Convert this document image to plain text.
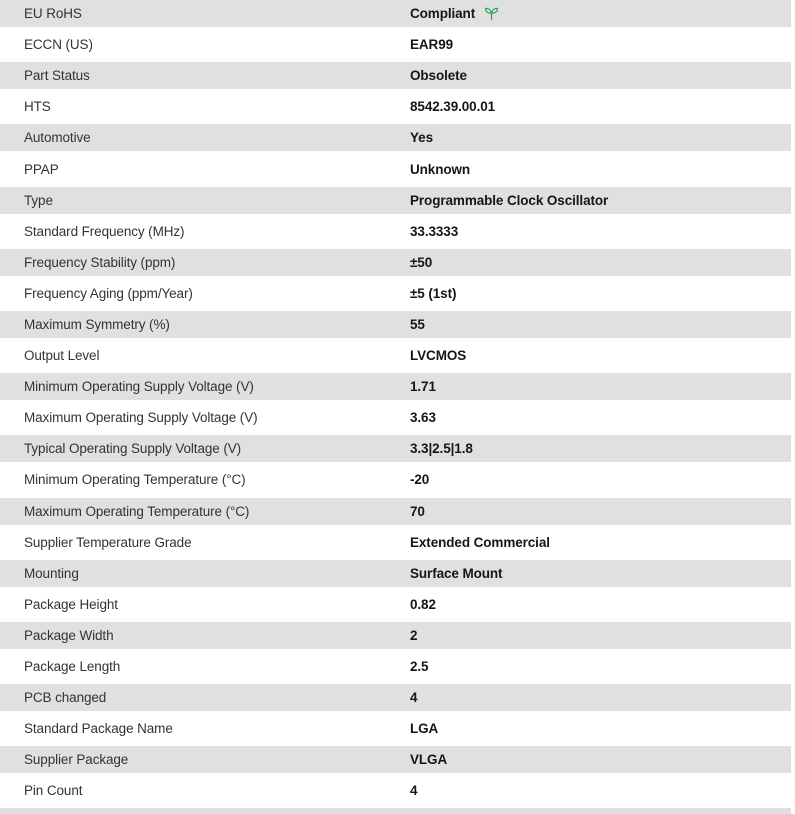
EU RoHS	Compliant
ECCN (US)	EAR99
Part Status	Obsolete
HTS	8542.39.00.01
Automotive	Yes
PPAP	Unknown
Type	Programmable Clock Oscillator
Standard Frequency (MHz)	33.3333
Frequency Stability (ppm)	±50
Frequency Aging (ppm/Year)	±5 (1st)
Maximum Symmetry (%)	55
Output Level	LVCMOS
Minimum Operating Supply Voltage (V)	1.71
Maximum Operating Supply Voltage (V)	3.63
Typical Operating Supply Voltage (V)	3.3|2.5|1.8
Minimum Operating Temperature (°C)	-20
Maximum Operating Temperature (°C)	70
Supplier Temperature Grade	Extended Commercial
Mounting	Surface Mount
Package Height	0.82
Package Width	2
Package Length	2.5
PCB changed	4
Standard Package Name	LGA
Supplier Package	VLGA
Pin Count	4
